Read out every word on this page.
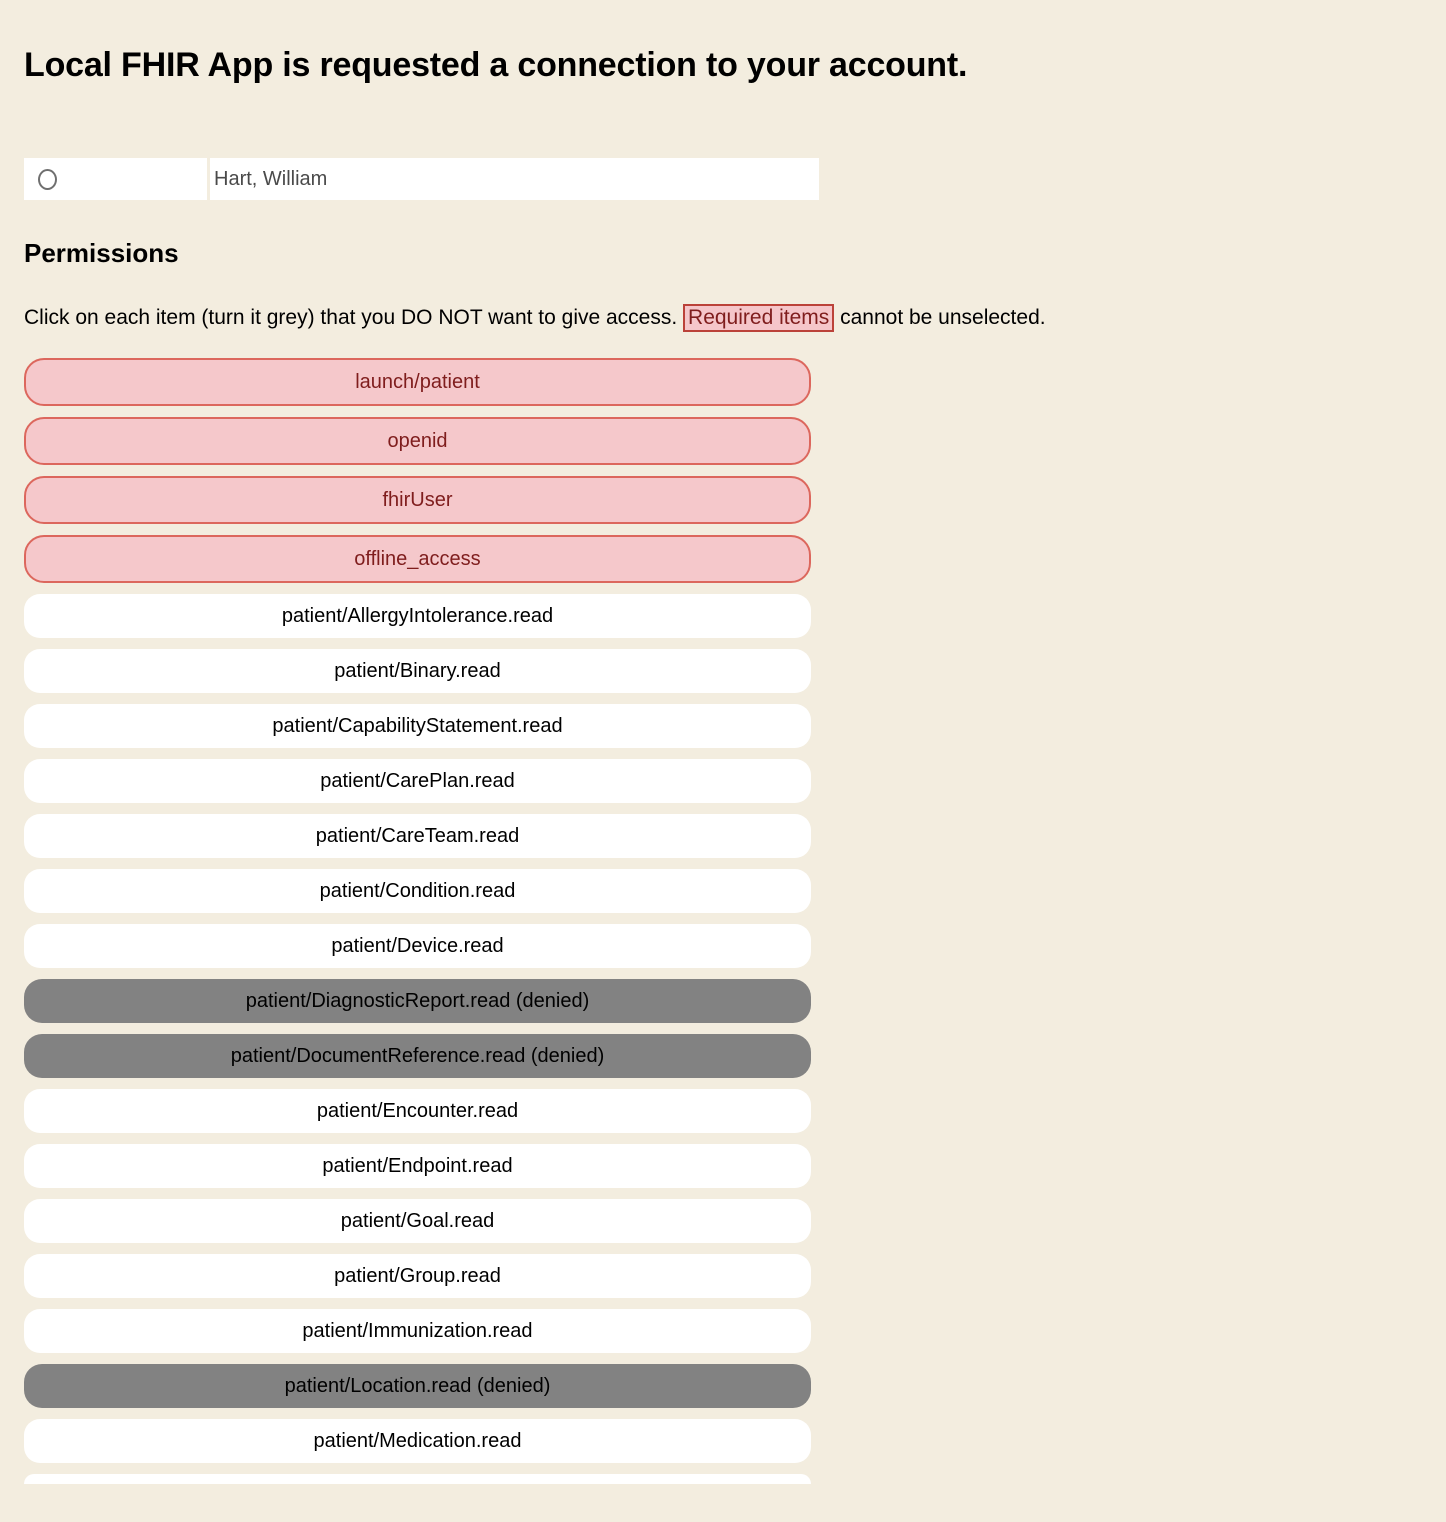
Local FHIR App is requested a connection to your account.
Hart, William
Permissions

Click on each item (turn it grey) that you DO NOT want to give access. Required items cannot be unselected.

launch/patient
openid
fhirUser
offline_access
patient/AllergyIntolerance.read
patient/Binary.read
patient/CapabilityStatement.read
patient/CarePlan.read
patient/CareTeam.read
patient/Condition.read
patient/Device.read
patient/DiagnosticReport.read (denied)
patient/DocumentReference.read (denied)
patient/Encounter.read
patient/Endpoint.read
patient/Goal.read
patient/Group.read
patient/Immunization.read
patient/Location.read (denied)
patient/Medication.read
